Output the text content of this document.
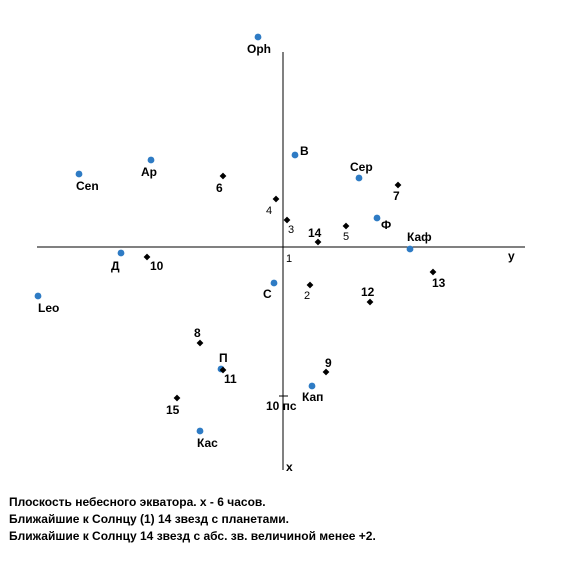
y
x
1
10 пс
Oph
Cen
Ар
В
Сер
Ф
Каф
Д
Leo
С
П
Кап
Кас
6
7
4
3
5
14
10
2	12
13
8
9
11
15
Плоскость небесного экватора. x - 6 часов.
Ближайшие к Солнцу (1) 14 звезд с планетами.
Ближайшие к Солнцу 14 звезд с абс. зв. величиной менее +2.
